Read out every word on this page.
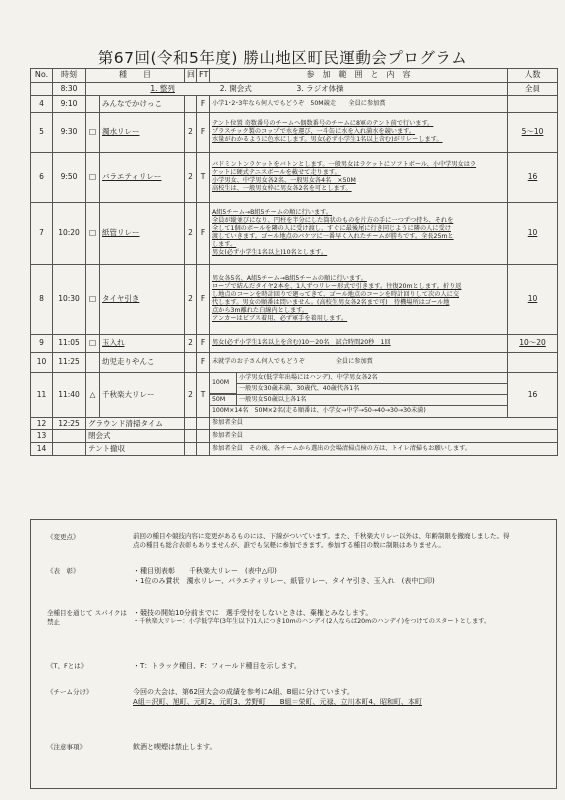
第67回(令和5年度) 勝山地区町民運動会プログラム
No.	時刻	種　　目	回	FT	参　加　範　囲　と　内　容	人数
	8:30	1. 整列	2. 開会式	3. ラジオ体操	全員
4	9:10		みんなでかけっこ		F	小学1･2･3年なら何人でもどうぞ　50M競走　　全員に参加賞

5	9:30	□	濁水リレー	2	F	
テント位置 奇数番号のチームへ偶数番号のチームに8軍のテント前で行います。
プラスチック製のコップで水を運び、一斗缶に水を入れ満水を競います。
水量がわかるように色水にします。男女(必ず小学生1名以上含む)がリレーします。
	5〜10
6	9:50	□	バラエティリレー	2	T	
バドミントンラケットをバトンとします。一般男女はラケットにソフトボール、小中学男女はラ
ケットに硬式テニスボールを載せて走ります。
小学男女、中学男女各2名、一般男女各4名　×50M
高校生は、一般男女枠に男女各2名を可とします。
	16
7	10:20	□	紙管リレー	2	F	
A組5チーム→B組5チームの順に行います。
全員が縦並びになり、円柱を半分にした筒状のものを片方の手に一つずつ持ち、それを
全して1個のボールを隣の人に受け渡し、すぐに最後尾に行き同じように隣の人に受け
渡していきます。ゴール地点のバケツに一番早く入れたチームが勝ちです。全長25mと
します。
男女(必ず小学生1名以上)10名とします。
	10
8	10:30	□	タイヤ引き	2	F	
男女各5名、A組5チーム→B組5チームの順に行います。
ロープで結んだタイヤ2本を、1人ずつリレー形式で引きます。往復20mとします。折り返
し地点のコーンを時計回りで廻ってきて、ゴール地点のコーンを時計回りして次の人に交
代します。男女の順番は問いません。(高校生男女各2名まで可)　待機場所はゴール地
点から3m離れた白線内とします。
アンカーはビブス着用、必ず軍手を着用します。
	10
9	11:05	□	玉入れ	2	F	男女(必ず小学生1名以上を含む)10〜20名　試合時間20秒　1回	10〜20
10	11:25		幼児走りやんこ		F	未就学のお子さん何人でもどうぞ　　　　　全員に参加賞

11	11:40	△	千秋楽大リレー	2	T	
100M	小学男女(低学年出場にはハンデ)、中学男女各2名
一般男女30歳未満、30歳代、40歳代各1名
	16

50M	一般男女50歳以上各1名

100M×14名　50M×2名(走る順番は、小学女→中学→50→40→30→30未満)
12	12:25	グラウンド清掃タイム			参加者全員
13		閉会式			参加者全員
14		テント撤収			参加者全員　その後、各チームから選出の会場清掃点検の方は、トイレ清掃もお願いします。
《変更点》	前回の種目や競技内容に変更があるものには、下線がついています。また、千秋楽大リレー以外は、年齢制限を撤廃しました。得
点の種目も総合表彰もありませんが、誰でも気軽に参加できます。参加する種目の数に制限はありません。
《表　彰》	・種目別表彰　　千秋楽大リレー　(表中△印)
・1位のみ賞状　濁水リレー、バラエティリレー、紙管リレー、タイヤ引き、玉入れ　(表中□印)
全種目を通じて スパイクは禁止
・競技の開始10分前までに　選手受付をしないときは、棄権とみなします。
・千秋楽大リレー：小学低学年(3年生以下)1人につき10mのハンデイ(2人ならば20mのハンデイ)をつけてのスタートとします。
《T、Fとは》	・T：トラック種目、F：フィールド種目を示します。
《チーム分け》	今回の大会は、第62回大会の成績を参考にA組、B組に分けています。
A組＝沢町、旭町、元町2、元町3、芳野町　　B組＝栄町、元禄、立川本町4、昭和町、本町
《注意事項》	飲酒と喫煙は禁止します。
